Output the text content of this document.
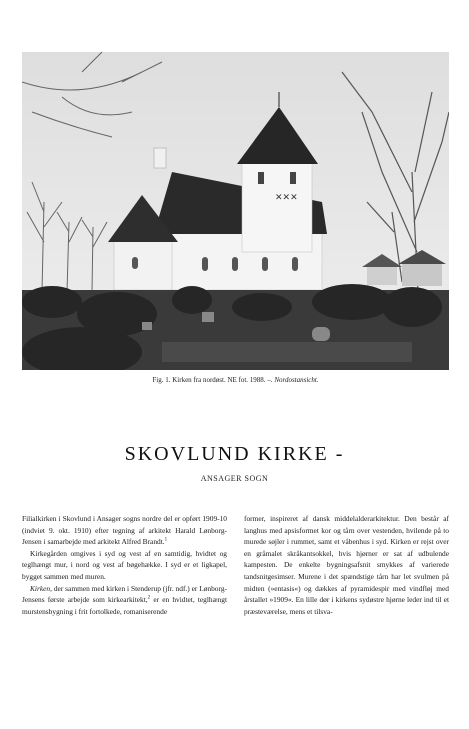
✕✕✕
Fig. 1. Kirken fra nordøst. NE fot. 1988. –. Nordostansicht.
SKOVLUND KIRKE -
ANSAGER SOGN

Filialkirken i Skovlund i Ansager sogns nordre del er opført 1909-10 (indviet 9. okt. 1910) efter tegning af arkitekt Harald Lønborg-Jensen i samarbejde med arkitekt Alfred Brandt.$^1$

Kirkegården omgives i syd og vest af en samtidig, hvidtet og teglhængt mur, i nord og vest af bøgehække. I syd er et ligkapel, bygget sammen med muren.

Kirken, der sammen med kirken i Stenderup (jfr. ndf.) er Lønborg-Jensens første arbejde som kirkearkitekt,$^2$ er en hvidtet, teglhængt murstensbygning i frit fortolkede, romaniserende

former, inspireret af dansk middelalderarkitektur. Den består af langhus med apsisformet kor og tårn over vestenden, hvilende på to murede søjler i rummet, samt et våbenhus i syd. Kirken er rejst over en gråmalet skråkantsokkel, hvis hjørner er sat af udbulende kampesten. De enkelte bygningsafsnit smykkes af varierede tandsnitgesimser. Murene i det spændstige tårn har let svulmen på midten (»entasis«) og dækkes af pyramidespir med vindfløj med årstallet »1909«. En lille dør i kirkens sydøstre hjørne leder ind til et præsteværelse, mens et tilsva-
